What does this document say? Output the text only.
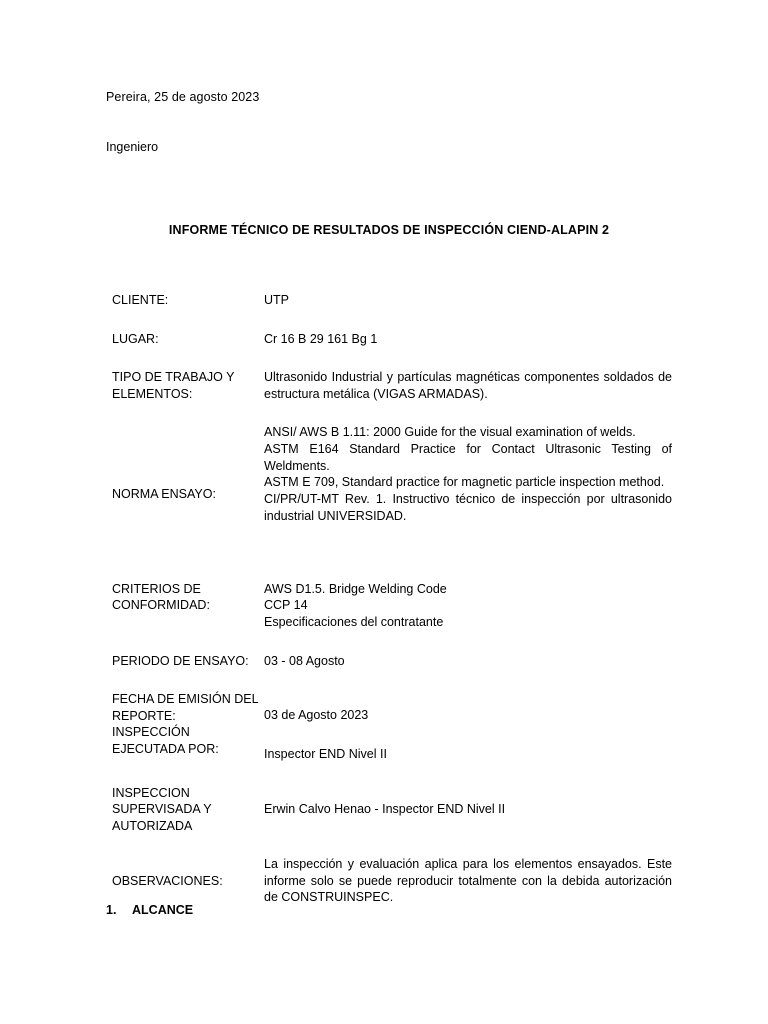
Pereira, 25 de agosto 2023
Ingeniero
INFORME TÉCNICO DE RESULTADOS DE INSPECCIÓN CIEND-ALAPIN 2
CLIENTE:	UTP

LUGAR:	Cr 16 B 29 161 Bg 1

TIPO DE TRABAJO Y ELEMENTOS:	Ultrasonido Industrial y partículas magnéticas componentes soldados de estructura metálica (VIGAS ARMADAS).

NORMA ENSAYO:	ANSI/ AWS B 1.11: 2000 Guide for the visual examination of welds.
ASTM E164 Standard Practice for Contact Ultrasonic Testing of Weldments.
ASTM E 709, Standard practice for magnetic particle inspection method.
CI/PR/UT-MT Rev. 1. Instructivo técnico de inspección por ultrasonido industrial UNIVERSIDAD.

CRITERIOS DE CONFORMIDAD:	AWS D1.5. Bridge Welding Code
CCP 14
Especificaciones del contratante

PERIODO DE ENSAYO:	03 - 08 Agosto

FECHA DE EMISIÓN DEL REPORTE:	03 de Agosto 2023
INSPECCIÓN EJECUTADA POR:	Inspector END Nivel II

INSPECCION SUPERVISADA Y AUTORIZADA	Erwin Calvo Henao - Inspector END Nivel II

OBSERVACIONES:	La inspección y evaluación aplica para los elementos ensayados. Este informe solo se puede reproducir totalmente con la debida autorización de CONSTRUINSPEC.
1. ALCANCE
